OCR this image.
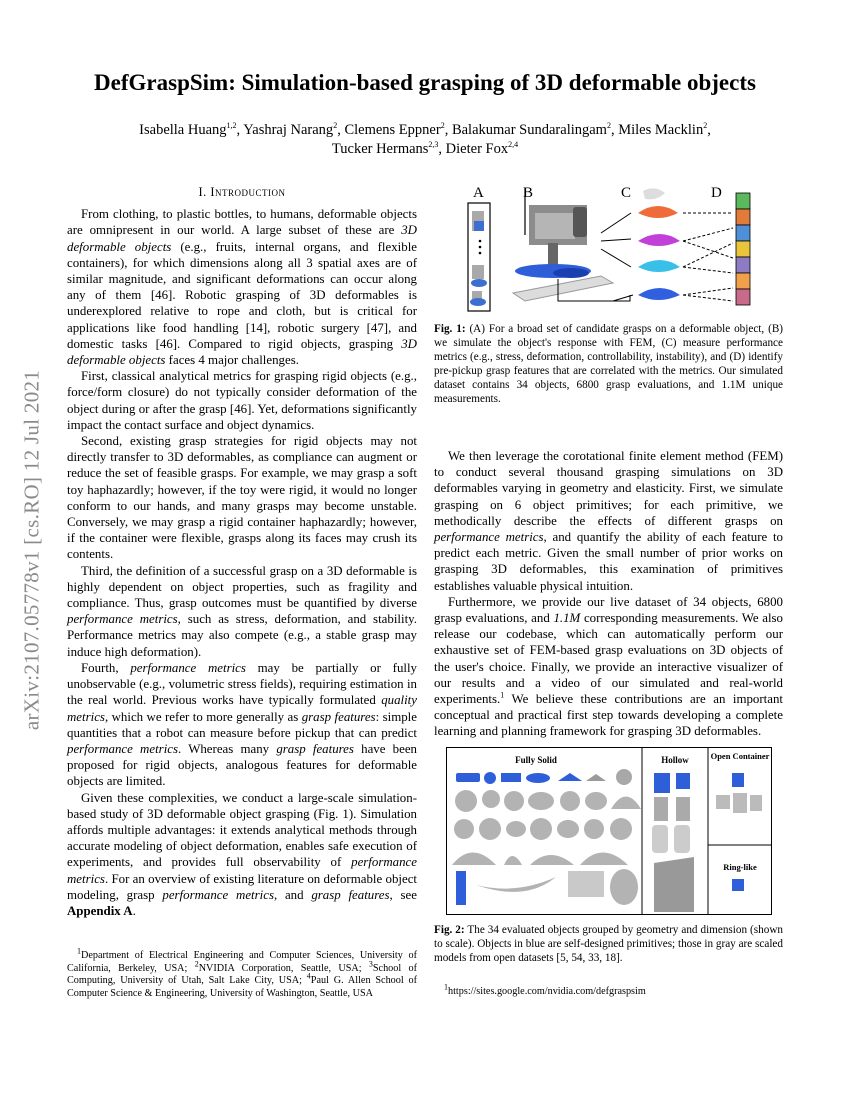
arXiv:2107.05778v1 [cs.RO] 12 Jul 2021
DefGraspSim: Simulation-based grasping of 3D deformable objects
Isabella Huang$^{1,2}$, Yashraj Narang$^2$, Clemens Eppner$^2$, Balakumar Sundaralingam$^2$, Miles Macklin$^2$,
Tucker Hermans$^{2,3}$, Dieter Fox$^{2,4}$
I. Introduction

From clothing, to plastic bottles, to humans, deformable objects are omnipresent in our world. A large subset of these are 3D deformable objects (e.g., fruits, internal organs, and flexible containers), for which dimensions along all 3 spatial axes are of similar magnitude, and significant deformations can occur along any of them [46]. Robotic grasping of 3D deformables is underexplored relative to rope and cloth, but is critical for applications like food handling [14], robotic surgery [47], and domestic tasks [46]. Compared to rigid objects, grasping 3D deformable objects faces 4 major challenges.

First, classical analytical metrics for grasping rigid objects (e.g., force/form closure) do not typically consider deformation of the object during or after the grasp [46]. Yet, deformations significantly impact the contact surface and object dynamics.

Second, existing grasp strategies for rigid objects may not directly transfer to 3D deformables, as compliance can augment or reduce the set of feasible grasps. For example, we may grasp a soft toy haphazardly; however, if the toy were rigid, it would no longer conform to our hands, and many grasps may become unstable. Conversely, we may grasp a rigid container haphazardly; however, if the container were flexible, grasps along its faces may crush its contents.

Third, the definition of a successful grasp on a 3D deformable is highly dependent on object properties, such as fragility and compliance. Thus, grasp outcomes must be quantified by diverse performance metrics, such as stress, deformation, and stability. Performance metrics may also compete (e.g., a stable grasp may induce high deformation).

Fourth, performance metrics may be partially or fully unobservable (e.g., volumetric stress fields), requiring estimation in the real world. Previous works have typically formulated quality metrics, which we refer to more generally as grasp features: simple quantities that a robot can measure before pickup that can predict performance metrics. Whereas many grasp features have been proposed for rigid objects, analogous features for deformable objects are limited.

Given these complexities, we conduct a large-scale simulation-based study of 3D deformable object grasping (Fig. 1). Simulation affords multiple advantages: it extends analytical methods through accurate modeling of object deformation, enables safe execution of experiments, and provides full observability of performance metrics. For an overview of existing literature on deformable object modeling, grasp performance metrics, and grasp features, see Appendix A.

$^1$Department of Electrical Engineering and Computer Sciences, University of California, Berkeley, USA; $^2$NVIDIA Corporation, Seattle, USA; $^3$School of Computing, University of Utah, Salt Lake City, USA; $^4$Paul G. Allen School of Computer Science & Engineering, University of Washington, Seattle, USA

A	B	C	D
Fig. 1: (A) For a broad set of candidate grasps on a deformable object, (B) we simulate the object's response with FEM, (C) measure performance metrics (e.g., stress, deformation, controllability, instability), and (D) identify pre-pickup grasp features that are correlated with the metrics. Our simulated dataset contains 34 objects, 6800 grasp evaluations, and 1.1M unique measurements.

We then leverage the corotational finite element method (FEM) to conduct several thousand grasping simulations on 3D deformables varying in geometry and elasticity. First, we simulate grasping on 6 object primitives; for each primitive, we methodically describe the effects of different grasps on performance metrics, and quantify the ability of each feature to predict each metric. Given the small number of prior works on grasping 3D deformables, this examination of primitives establishes valuable physical intuition.

Furthermore, we provide our live dataset of 34 objects, 6800 grasp evaluations, and 1.1M corresponding measurements. We also release our codebase, which can automatically perform our exhaustive set of FEM-based grasp evaluations on 3D objects of the user's choice. Finally, we provide an interactive visualizer of our results and a video of our simulated and real-world experiments.$^1$ We believe these contributions are an important conceptual and practical first step towards developing a complete learning and planning framework for grasping 3D deformables.

Fully Solid	Hollow	Open Container
Ring-like
Fig. 2: The 34 evaluated objects grouped by geometry and dimension (shown to scale). Objects in blue are self-designed primitives; those in gray are scaled models from open datasets [5, 54, 33, 18].
$^1$https://sites.google.com/nvidia.com/defgraspsim
